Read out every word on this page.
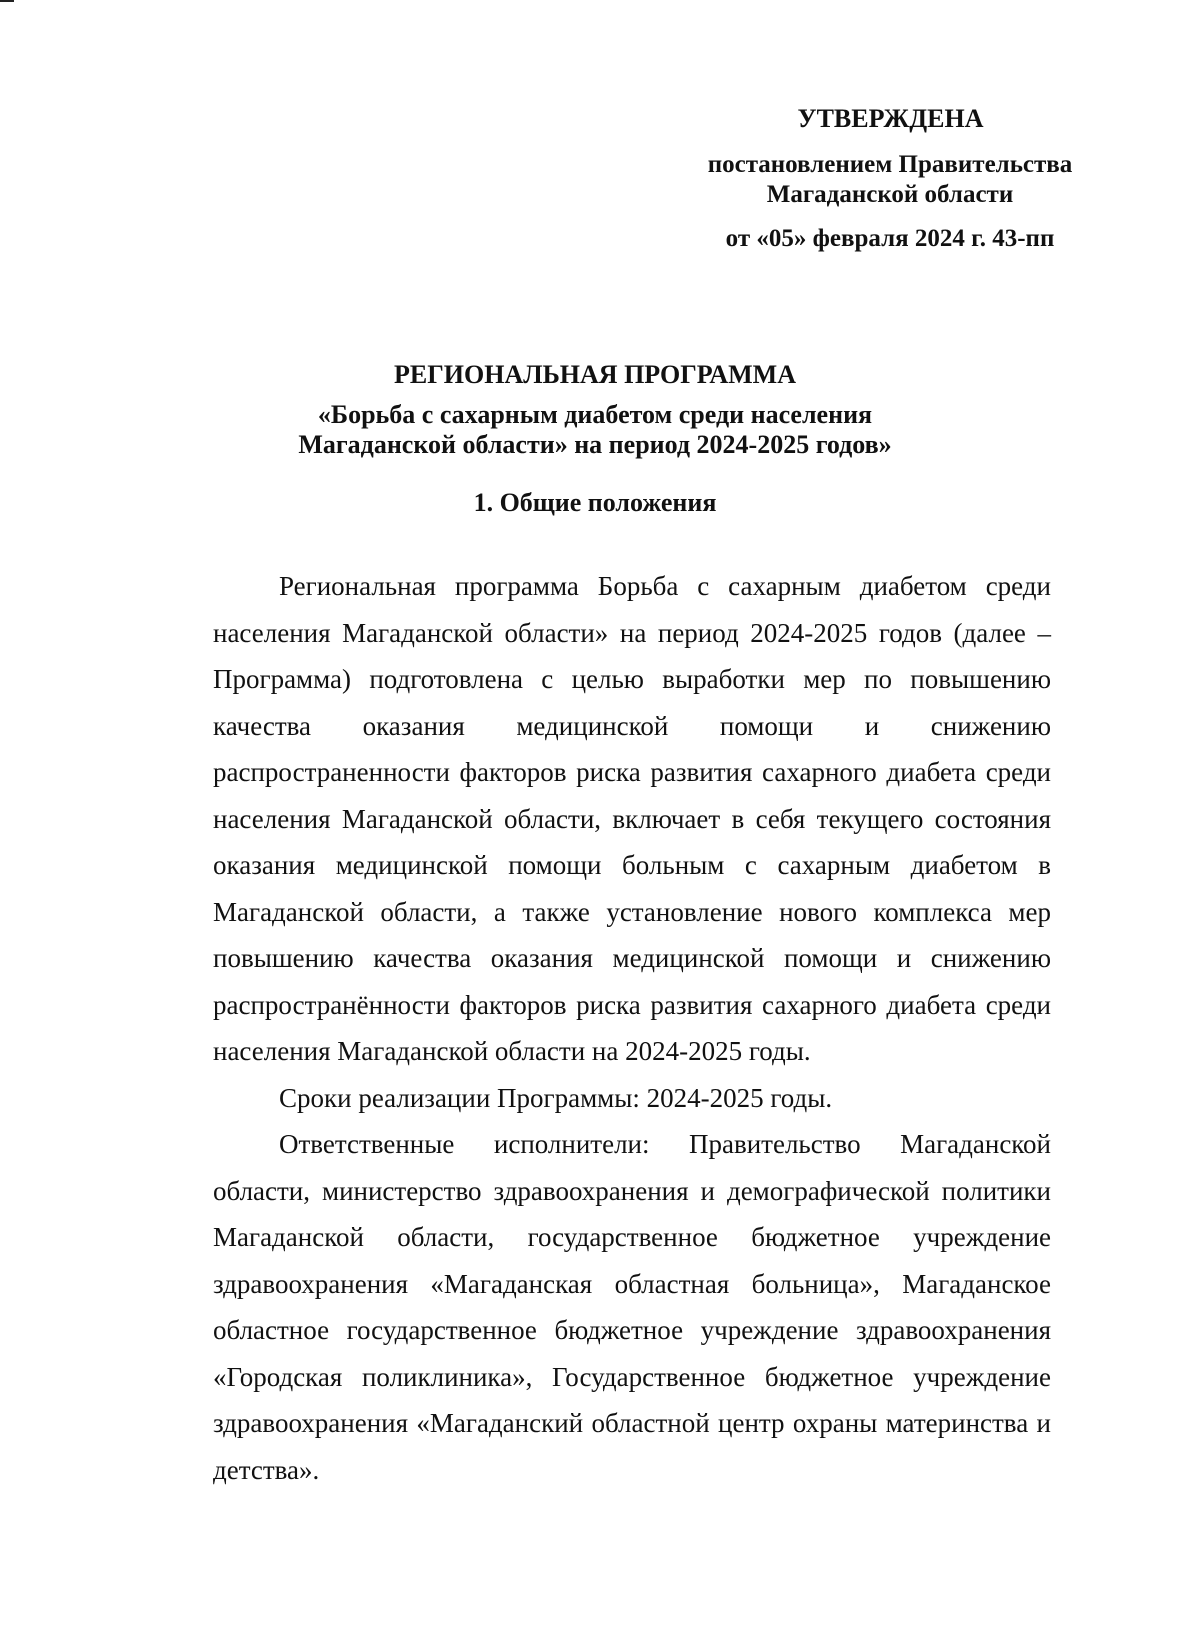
УТВЕРЖДЕНА
постановлением Правительства
Магаданской области
от «05» февраля 2024 г. 43-пп
РЕГИОНАЛЬНАЯ ПРОГРАММА
«Борьба с сахарным диабетом среди населения
Магаданской области» на период 2024-2025 годов»
1. Общие положения

Региональная программа Борьба с сахарным диабетом среди населения Магаданской области» на период 2024-2025 годов (далее – Программа) подготовлена с целью выработки мер по повышению качества оказания медицинской помощи и снижению распространенности факторов риска развития сахарного диабета среди населения Магаданской области, включает в себя текущего состояния оказания медицинской помощи больным с сахарным диабетом в Магаданской области, а также установление нового комплекса мер повышению качества оказания медицинской помощи и снижению распространённости факторов риска развития сахарного диабета среди населения Магаданской области на 2024-2025 годы.

Сроки реализации Программы: 2024-2025 годы.

Ответственные исполнители: Правительство Магаданской области, министерство здравоохранения и демографической политики Магаданской области, государственное бюджетное учреждение здравоохранения «Магаданская областная больница», Магаданское областное государственное бюджетное учреждение здравоохранения «Городская поликлиника», Государственное бюджетное учреждение здравоохранения «Магаданский областной центр охраны материнства и детства».
